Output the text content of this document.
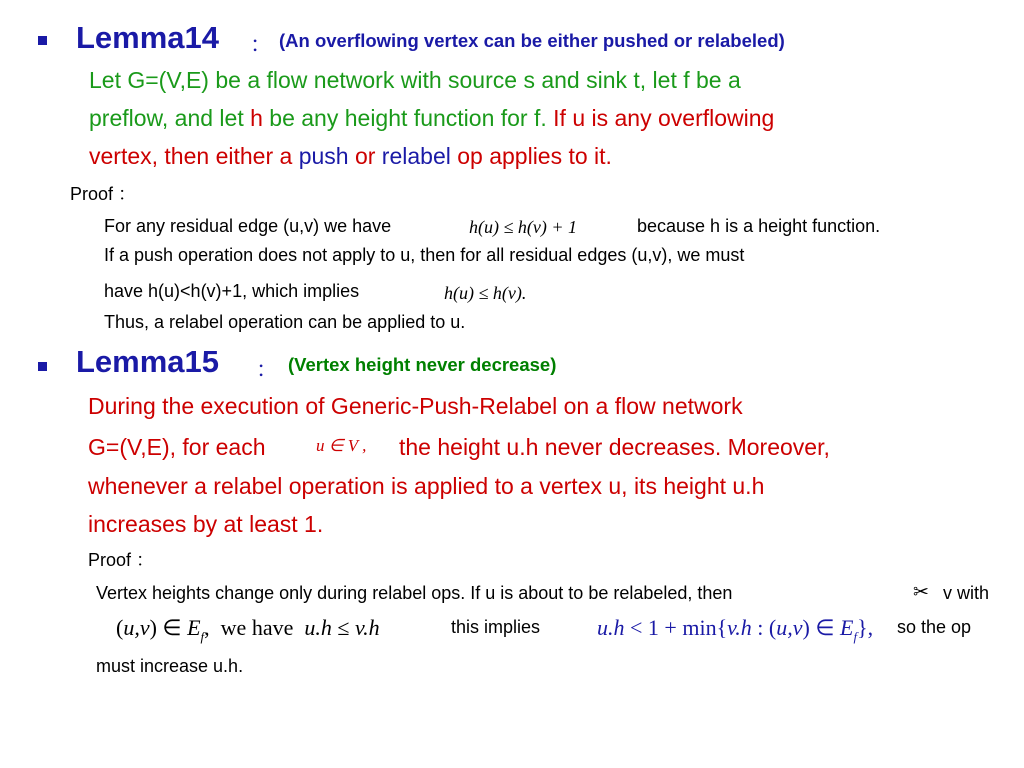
Lemma14 ： (An overflowing vertex can be either pushed or relabeled)
Let G=(V,E) be a flow network with source s and sink t, let f be a
preflow, and let h be any height function for f. If u is any overflowing
vertex, then either a push or relabel op applies to it.
Proof ：
For any residual edge (u,v) we have	h(u) ≤ h(v) + 1	because h is a height function.
If a push operation does not apply to u, then for all residual edges (u,v), we must
have h(u)<h(v)+1, which implies	h(u) ≤ h(v).
Thus, a relabel operation can be applied to u.
Lemma15 ： (Vertex height never decrease)
During the execution of Generic-Push-Relabel on a flow network
G=(V,E), for each	u ∈ V , the height u.h never decreases. Moreover,
whenever a relabel operation is applied to a vertex u, its height u.h
increases by at least 1.
Proof ：
Vertex heights change only during relabel ops. If u is about to be relabeled, then	✂ v with
(u,v) ∈ $E_f$, we have  u.h ≤ v.h	this implies	u.h < 1 + min{v.h : (u,v) ∈ $E_f$}, so the op
must increase u.h.
